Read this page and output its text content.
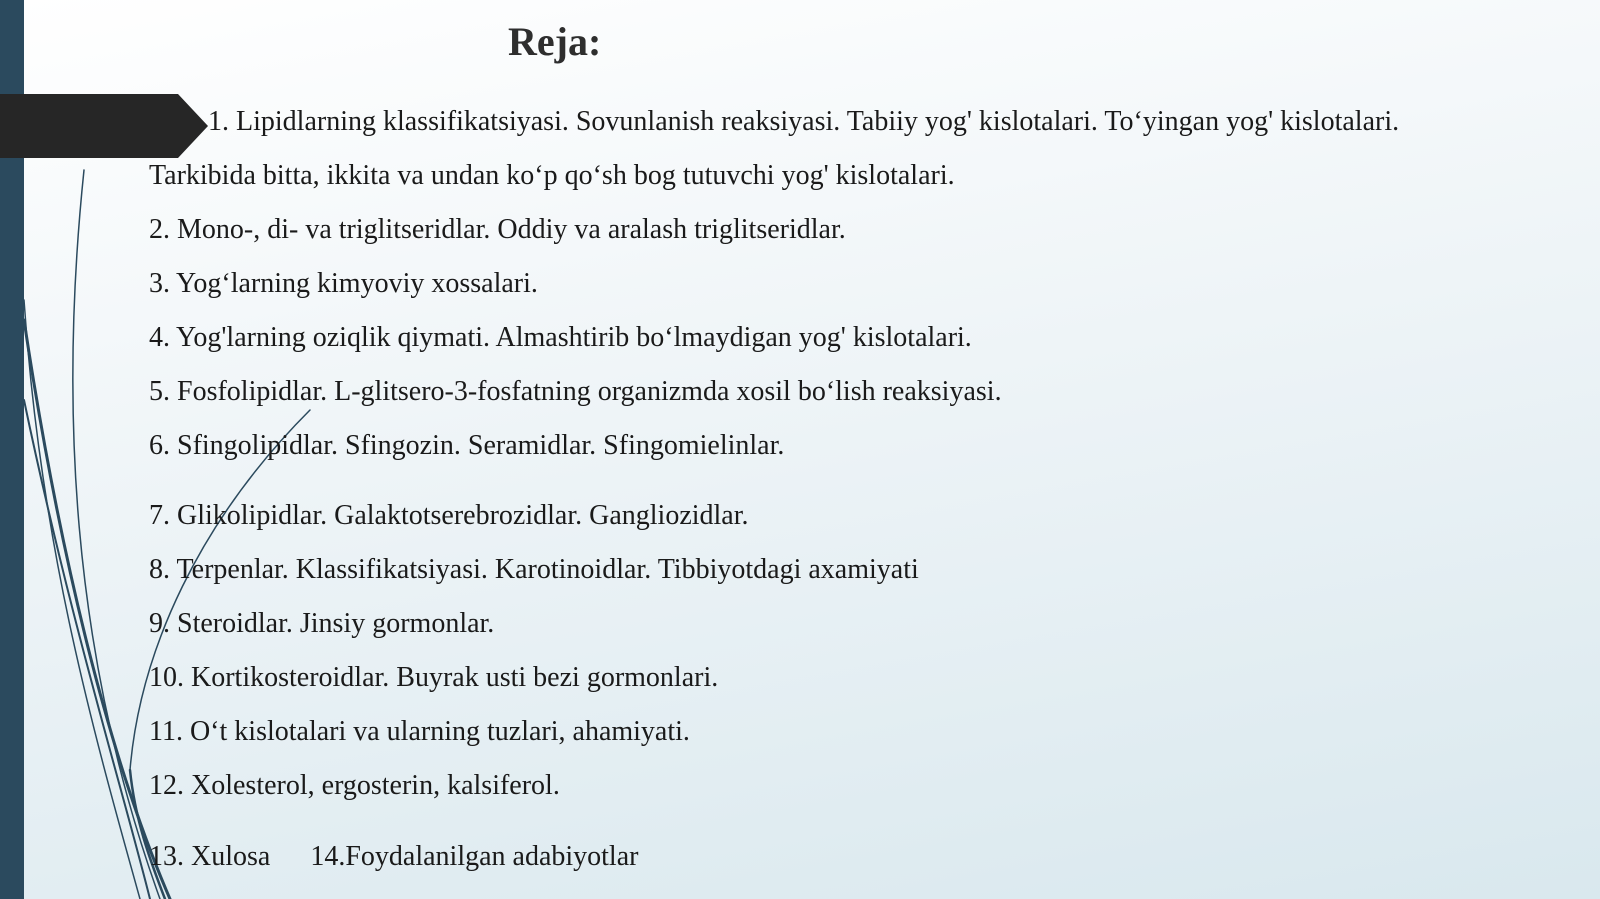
Reja:

1. Lipidlarning klassifikatsiyasi. Sovunlanish reaksiyasi. Tabiiy yog' kislotalari. To‘yingan yog' kislotalari.

Tarkibida bitta, ikkita va undan ko‘p qo‘sh bog tutuvchi yog' kislotalari.

2. Mono-, di- va triglitseridlar. Oddiy va aralash triglitseridlar.

3. Yog‘larning kimyoviy xossalari.

4. Yog'larning oziqlik qiymati. Almashtirib bo‘lmaydigan yog' kislotalari.

5. Fosfolipidlar. L-glitsero-3-fosfatning organizmda xosil bo‘lish reaksiyasi.

6. Sfingolipidlar. Sfingozin. Seramidlar. Sfingomielinlar.

7. Glikolipidlar. Galaktotserebrozidlar. Gangliozidlar.

8. Terpenlar. Klassifikatsiyasi. Karotinoidlar. Tibbiyotdagi axamiyati

9. Steroidlar. Jinsiy gormonlar.

10. Kortikosteroidlar. Buyrak usti bezi gormonlari.

11. O‘t kislotalari va ularning tuzlari, ahamiyati.

12. Xolesterol, ergosterin, kalsiferol.

13. Xulosa 14.Foydalanilgan adabiyotlar
